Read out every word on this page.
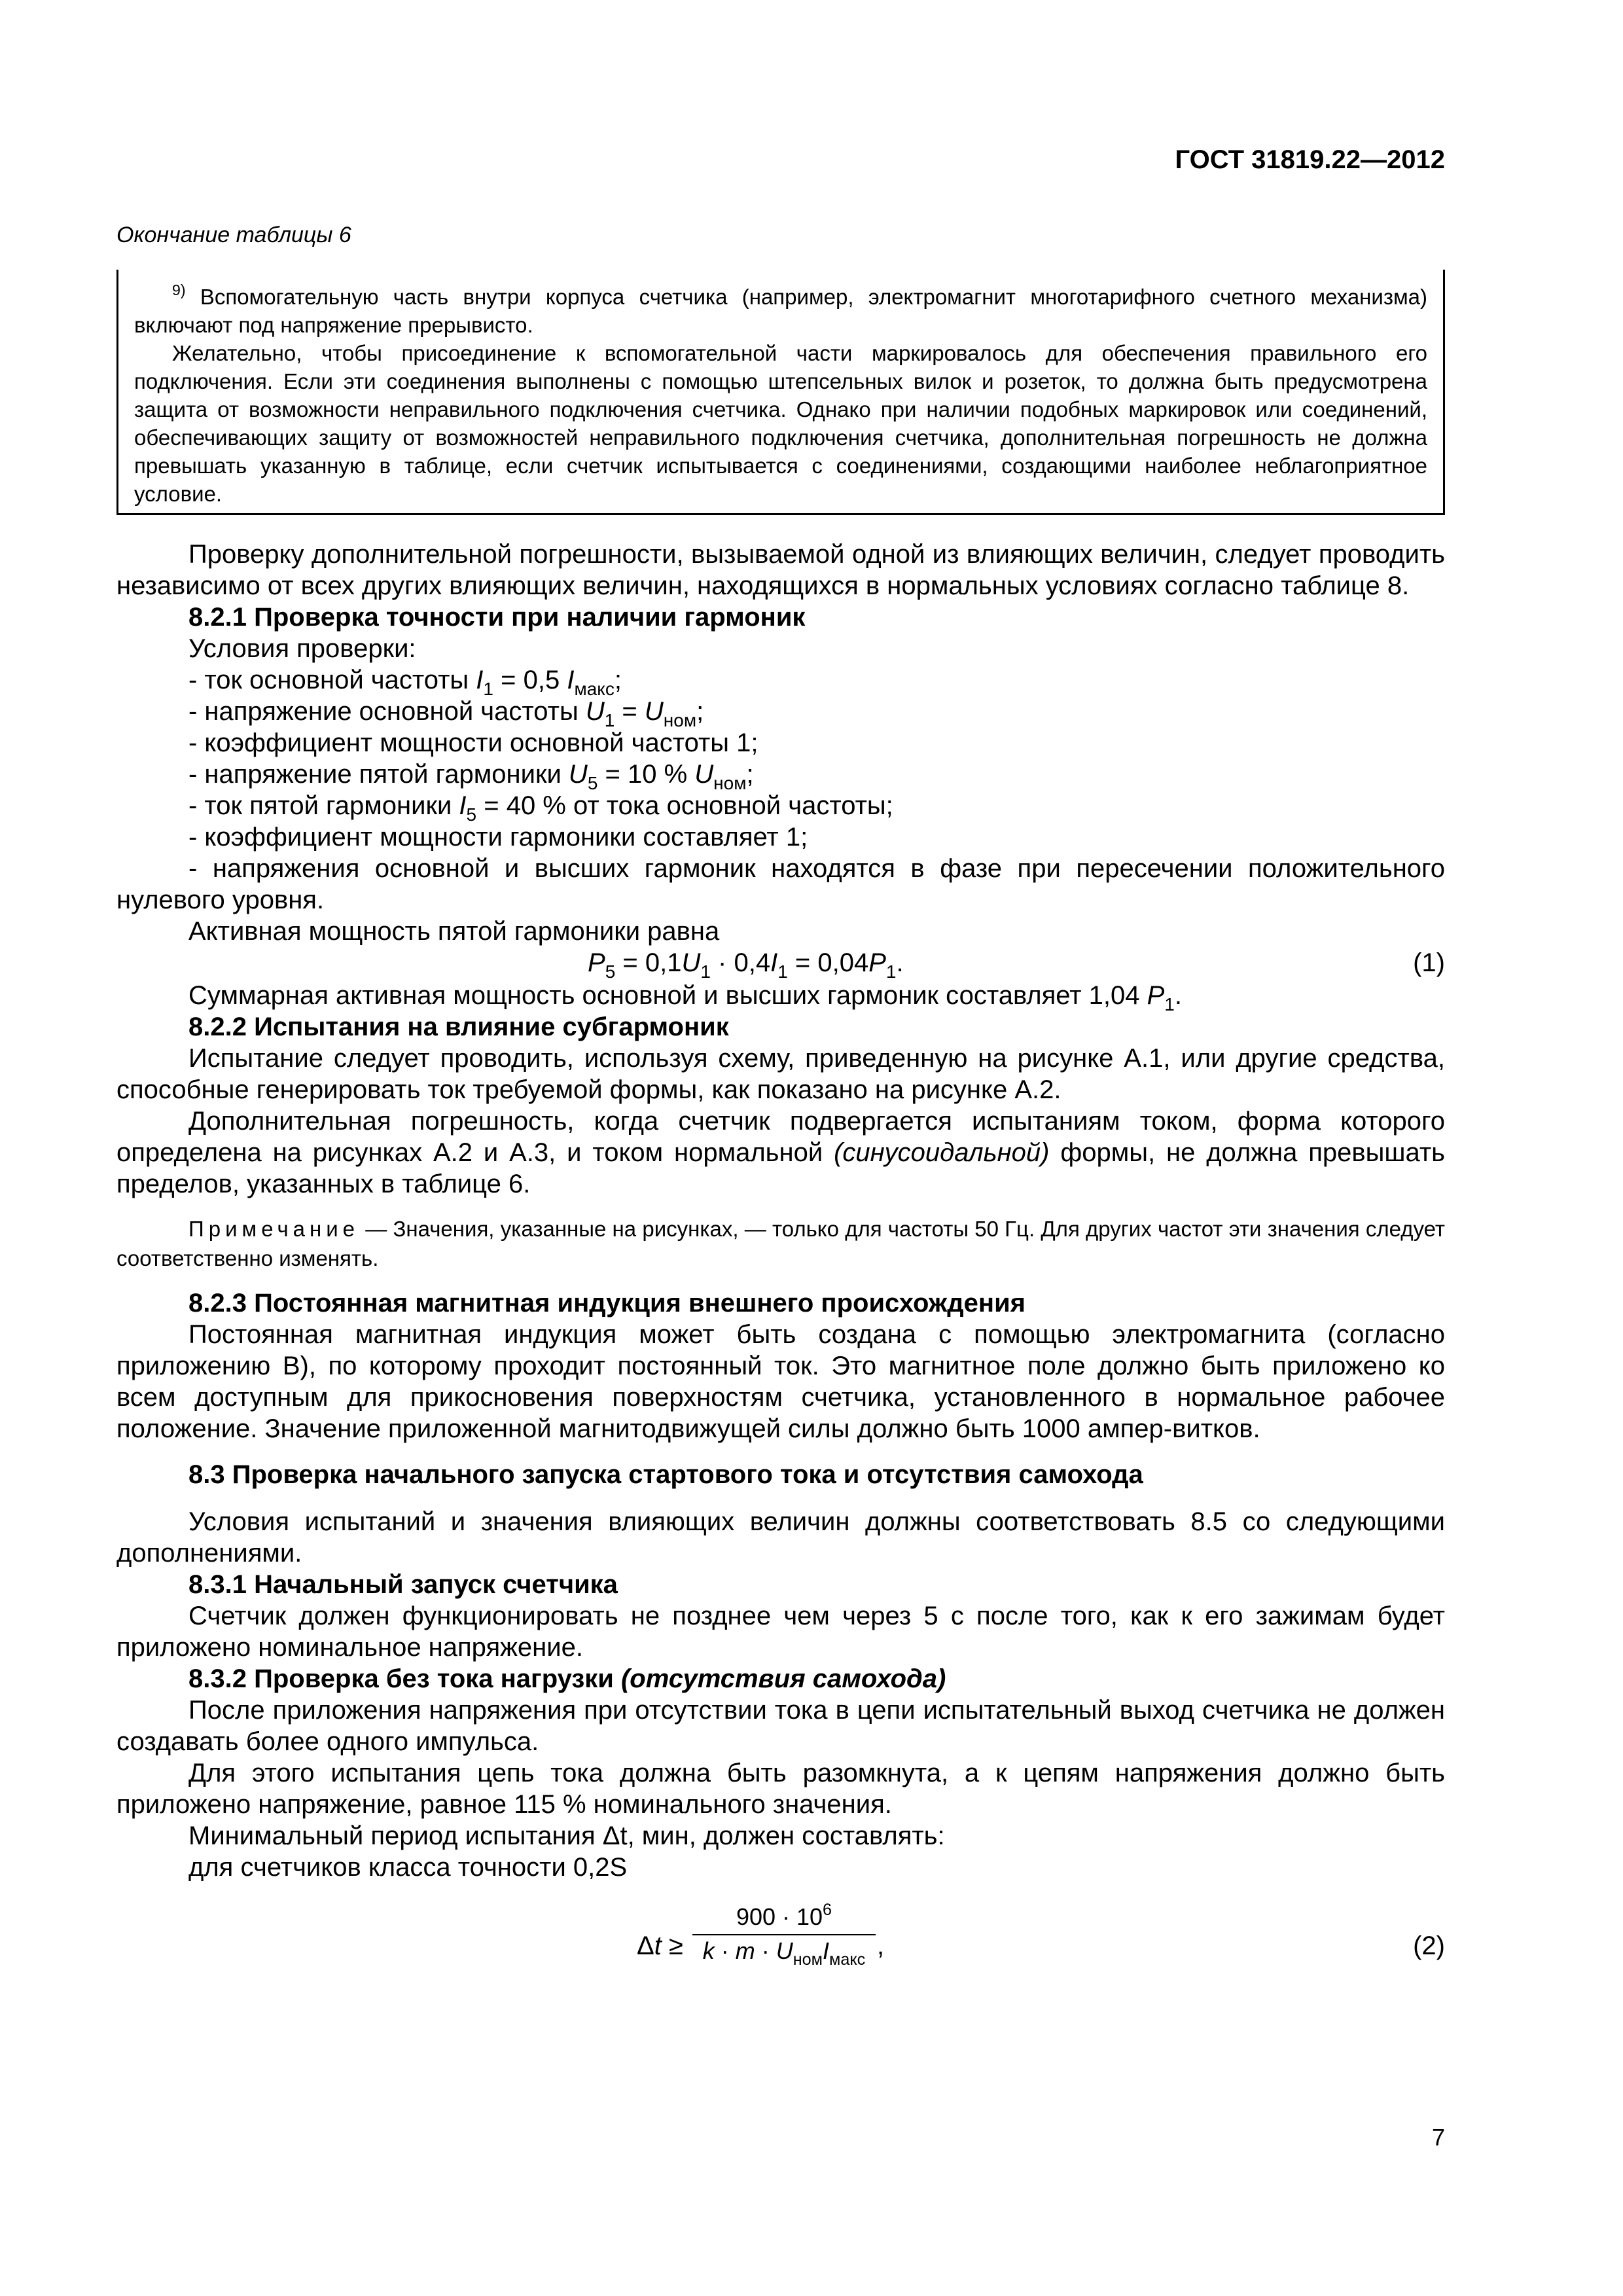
ГОСТ 31819.22—2012
Окончание таблицы 6

$^{9)}$ Вспомогательную часть внутри корпуса счетчика (например, электромагнит многотарифного счетного механизма) включают под напряжение прерывисто.

Желательно, чтобы присоединение к вспомогательной части маркировалось для обеспечения правильного его подключения. Если эти соединения выполнены с помощью штепсельных вилок и розеток, то должна быть предусмотрена защита от возможности неправильного подключения счетчика. Однако при наличии подобных маркировок или соединений, обеспечивающих защиту от возможностей неправильного подключения счетчика, дополнительная погрешность не должна превышать указанную в таблице, если счетчик испытывается с соединениями, создающими наиболее неблагоприятное условие.

Проверку дополнительной погрешности, вызываемой одной из влияющих величин, следует проводить независимо от всех других влияющих величин, находящихся в нормальных условиях согласно таблице 8.

8.2.1 Проверка точности при наличии гармоник

Условия проверки:

- ток основной частоты $I_1 = 0,5$ $I_{макс}$;

- напряжение основной частоты $U_1 = U_{ном}$;

- коэффициент мощности основной частоты 1;

- напряжение пятой гармоники $U_5 = 10$ % $U_{ном}$;

- ток пятой гармоники $I_5 = 40$ % от тока основной частоты;

- коэффициент мощности гармоники составляет 1;

- напряжения основной и высших гармоник находятся в фазе при пересечении положительного нулевого уровня.

Активная мощность пятой гармоники равна

$P_5 = 0,1U_1 \cdot 0,4I_1 = 0,04P_1$.	(1)

Суммарная активная мощность основной и высших гармоник составляет 1,04 $P_1$.

8.2.2 Испытания на влияние субгармоник

Испытание следует проводить, используя схему, приведенную на рисунке А.1, или другие средства, способные генерировать ток требуемой формы, как показано на рисунке А.2.

Дополнительная погрешность, когда счетчик подвергается испытаниям током, форма которого определена на рисунках А.2 и А.3, и током нормальной (синусоидальной) формы, не должна превышать пределов, указанных в таблице 6.

Примечание — Значения, указанные на рисунках, — только для частоты 50 Гц. Для других частот эти значения следует соответственно изменять.

8.2.3 Постоянная магнитная индукция внешнего происхождения

Постоянная магнитная индукция может быть создана с помощью электромагнита (согласно приложению В), по которому проходит постоянный ток. Это магнитное поле должно быть приложено ко всем доступным для прикосновения поверхностям счетчика, установленного в нормальное рабочее положение. Значение приложенной магнитодвижущей силы должно быть 1000 ампер-витков.

8.3 Проверка начального запуска стартового тока и отсутствия самохода

Условия испытаний и значения влияющих величин должны соответствовать 8.5 со следующими дополнениями.

8.3.1 Начальный запуск счетчика

Счетчик должен функционировать не позднее чем через 5 с после того, как к его зажимам будет приложено номинальное напряжение.

8.3.2 Проверка без тока нагрузки (отсутствия самохода)

После приложения напряжения при отсутствии тока в цепи испытательный выход счетчика не должен создавать более одного импульса.

Для этого испытания цепь тока должна быть разомкнута, а к цепям напряжения должно быть приложено напряжение, равное 115 % номинального значения.

Минимальный период испытания Δt, мин, должен составлять:

для счетчиков класса точности 0,2S

Δt ≥
$900 \cdot 10^6$
$k \cdot m \cdot U_{ном}I_{макс}$ ,	(2)
7
